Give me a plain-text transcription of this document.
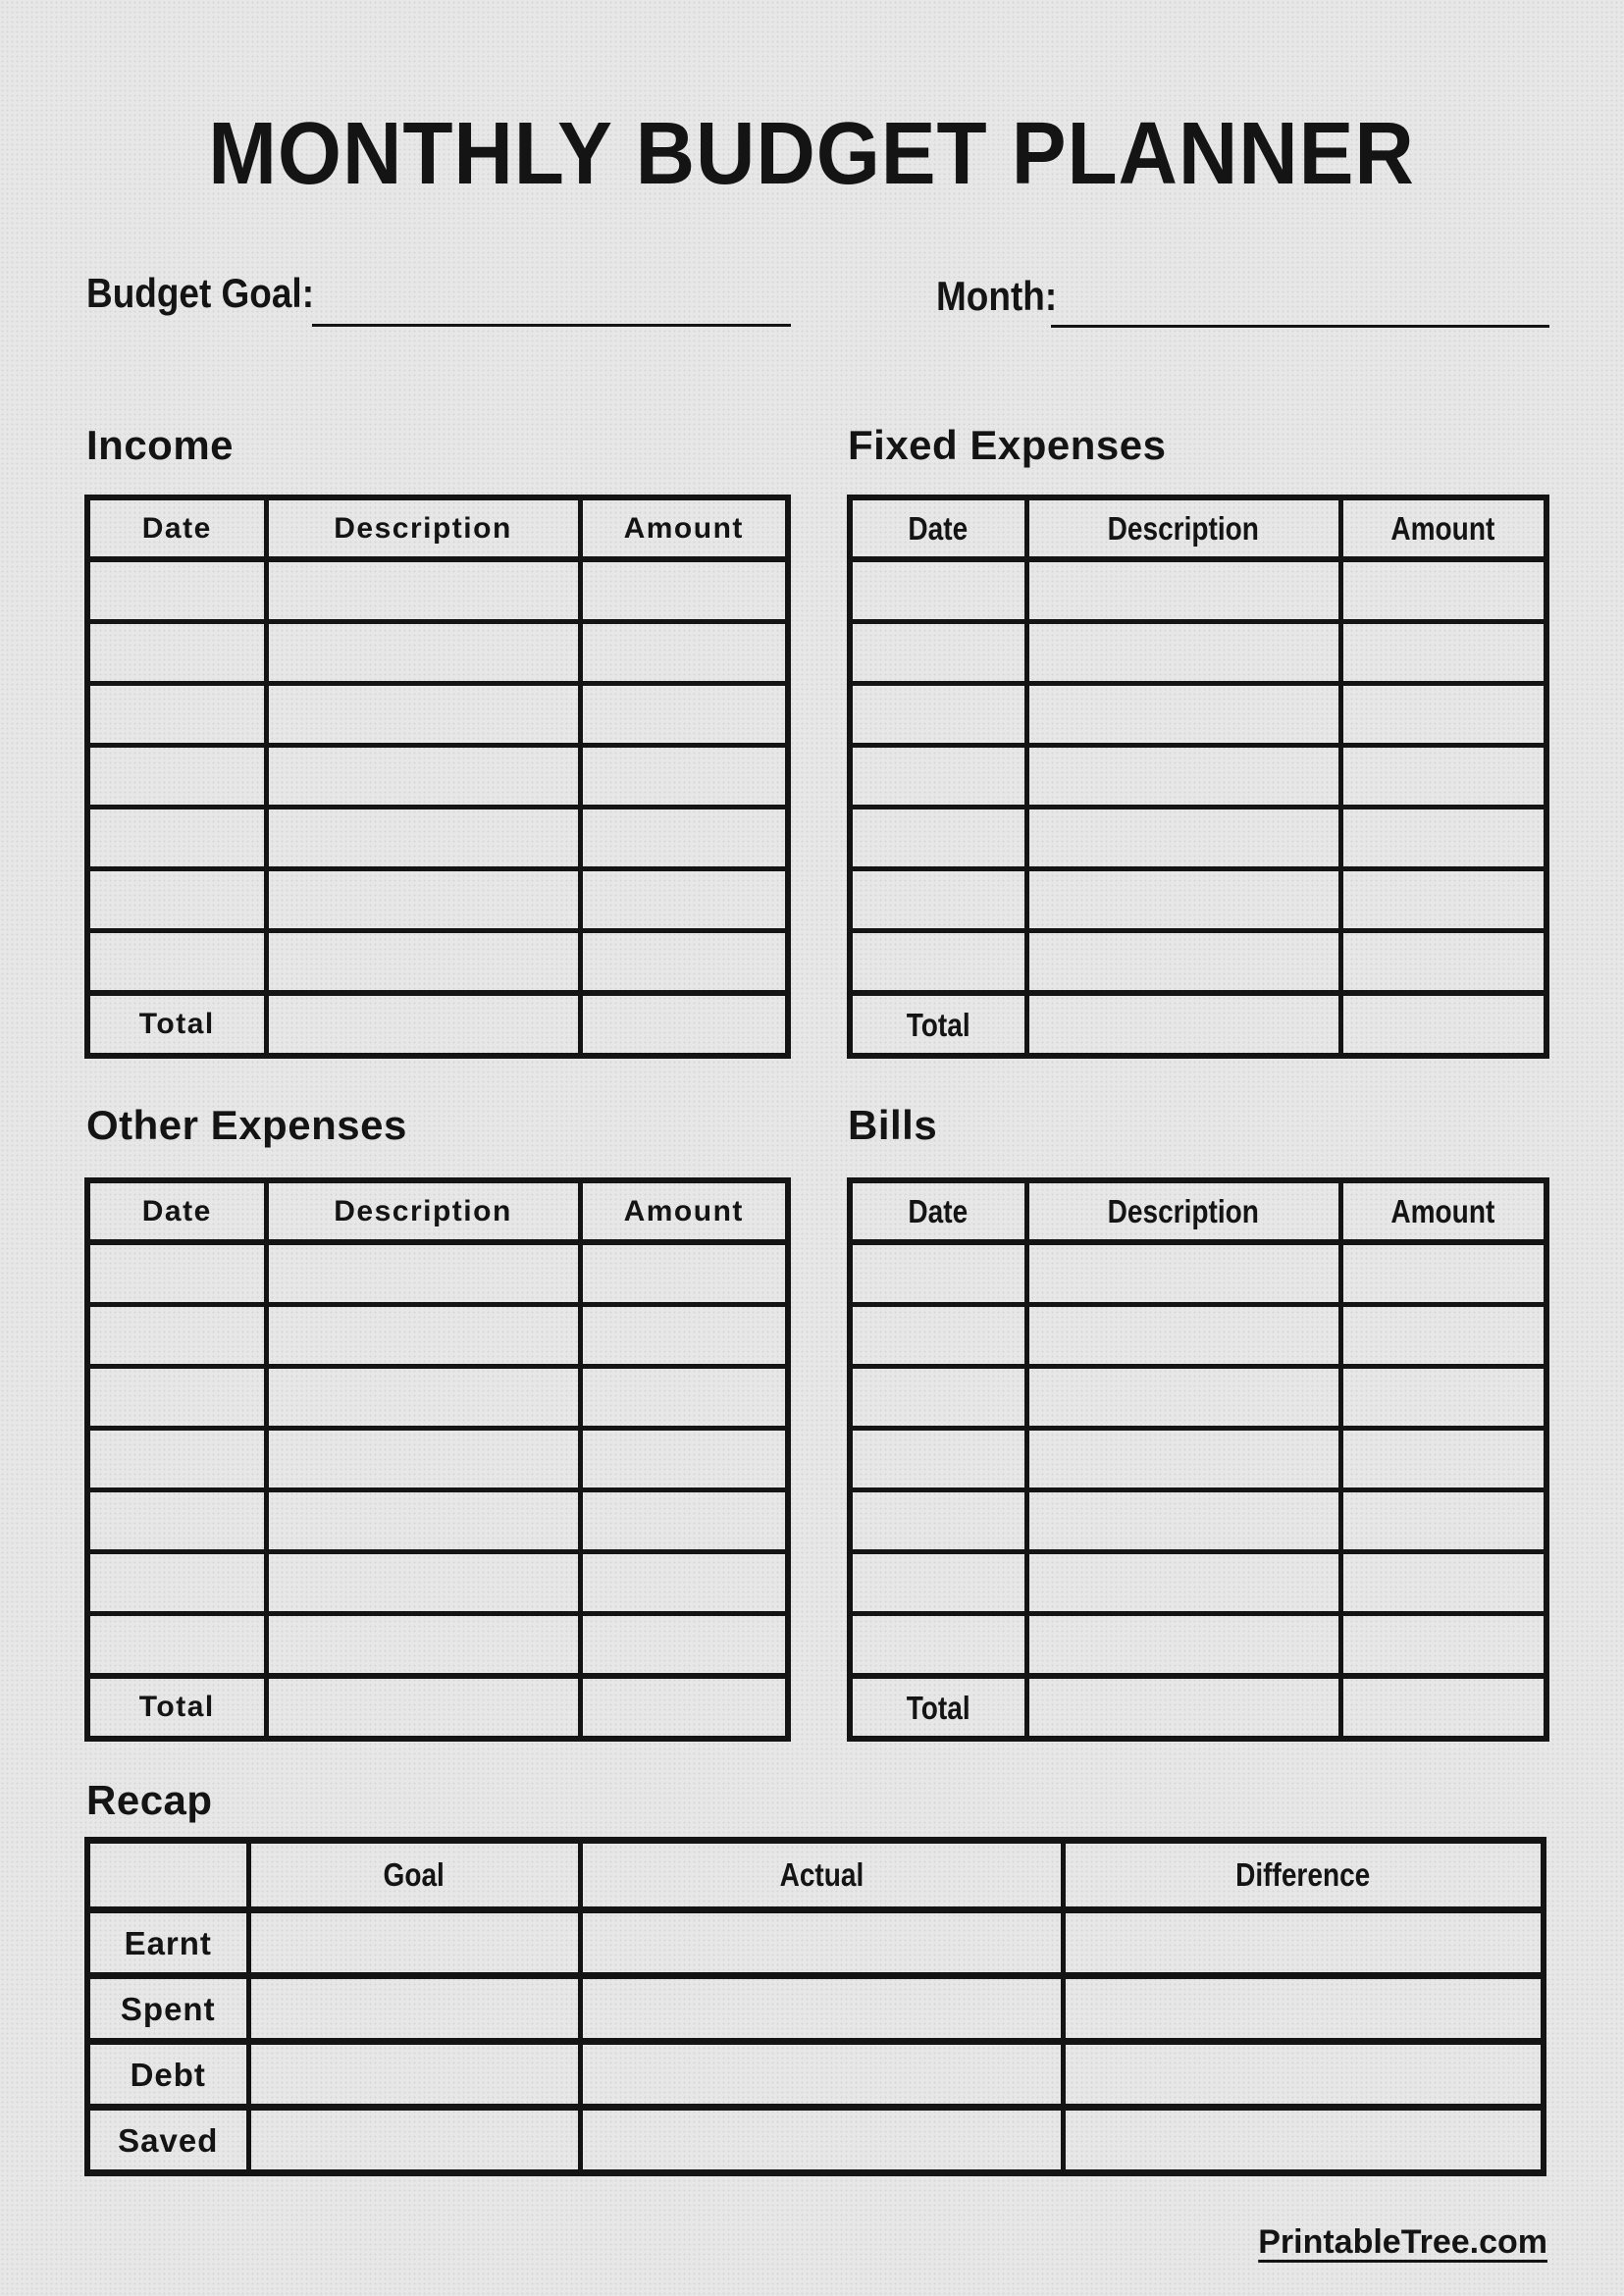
MONTHLY BUDGET PLANNER
Budget Goal:	Month:
Income
Date	Description	Amount

Total		
Fixed Expenses
Date	Description	Amount

Total		
Other Expenses
Date	Description	Amount

Total		
Bills
Date	Description	Amount

Total		
Recap
	Goal	Actual	Difference
Earnt			
Spent			
Debt			
Saved			
PrintableTree.com
